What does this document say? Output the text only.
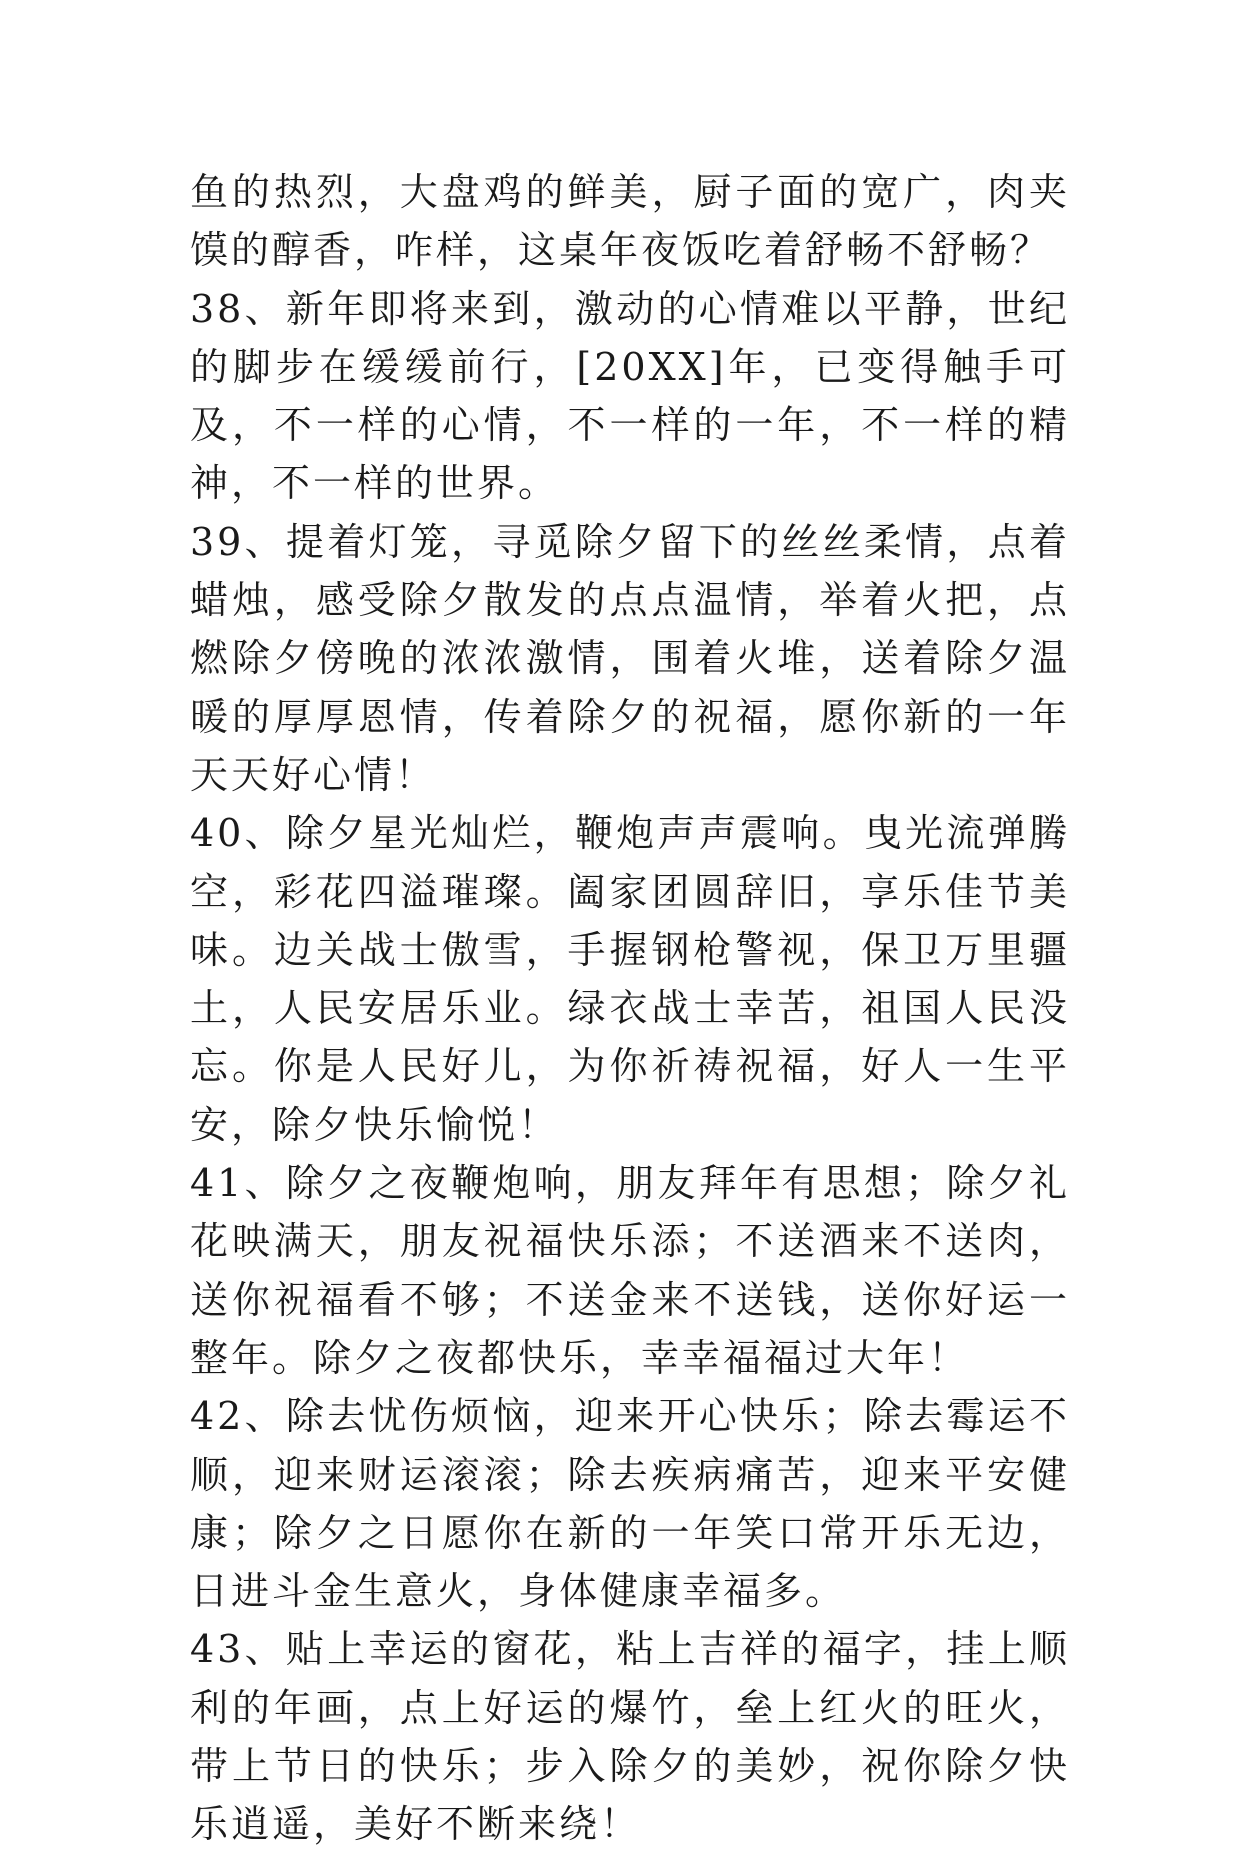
鱼的热烈，大盘鸡的鲜美，厨子面的宽广，肉夹馍的醇香，咋样，这桌年夜饭吃着舒畅不舒畅？

38、新年即将来到，激动的心情难以平静，世纪的脚步在缓缓前行，[20XX]年，已变得触手可及，不一样的心情，不一样的一年，不一样的精神，不一样的世界。

39、提着灯笼，寻觅除夕留下的丝丝柔情，点着蜡烛，感受除夕散发的点点温情，举着火把，点燃除夕傍晚的浓浓激情，围着火堆，送着除夕温暖的厚厚恩情，传着除夕的祝福，愿你新的一年天天好心情！

40、除夕星光灿烂，鞭炮声声震响。曳光流弹腾空，彩花四溢璀璨。阖家团圆辞旧，享乐佳节美味。边关战士傲雪，手握钢枪警视，保卫万里疆土，人民安居乐业。绿衣战士幸苦，祖国人民没忘。你是人民好儿，为你祈祷祝福，好人一生平安，除夕快乐愉悦！

41、除夕之夜鞭炮响，朋友拜年有思想；除夕礼花映满天，朋友祝福快乐添；不送酒来不送肉，送你祝福看不够；不送金来不送钱，送你好运一整年。除夕之夜都快乐，幸幸福福过大年！

42、除去忧伤烦恼，迎来开心快乐；除去霉运不顺，迎来财运滚滚；除去疾病痛苦，迎来平安健康；除夕之日愿你在新的一年笑口常开乐无边，日进斗金生意火，身体健康幸福多。

43、贴上幸运的窗花，粘上吉祥的福字，挂上顺利的年画，点上好运的爆竹，垒上红火的旺火，带上节日的快乐；步入除夕的美妙，祝你除夕快乐逍遥，美好不断来绕！
